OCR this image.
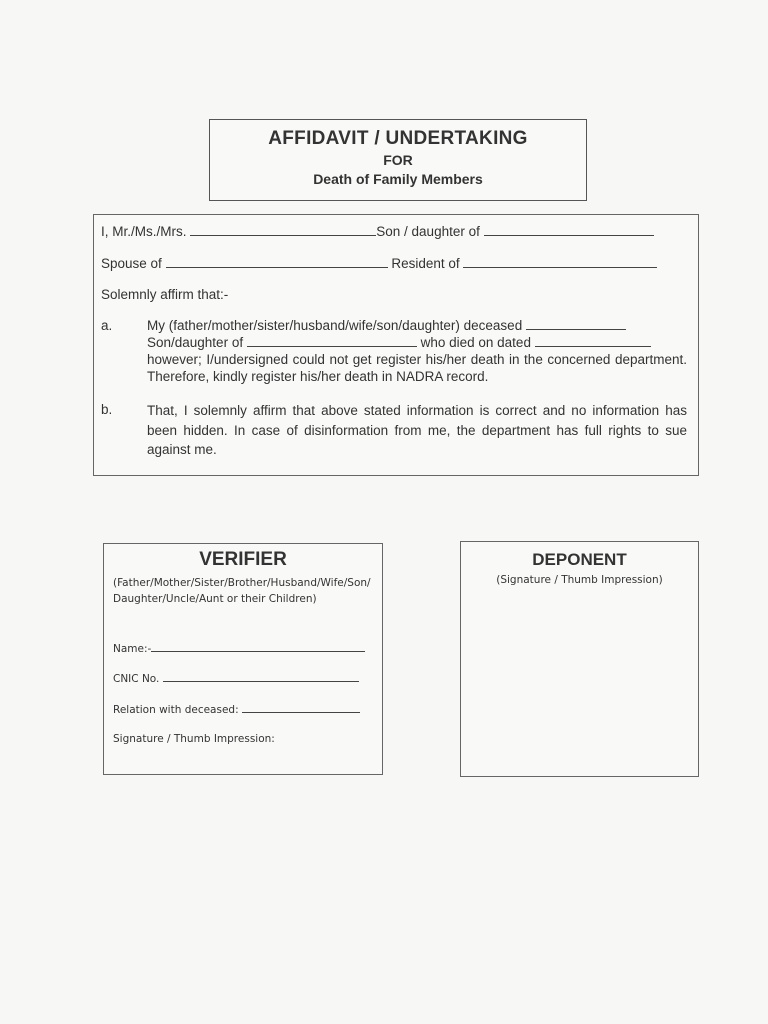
AFFIDAVIT / UNDERTAKING
FOR
Death of Family Members
I, Mr./Ms./Mrs.	Son / daughter of
Spouse of	Resident of
Solemnly affirm that:-
a.	My (father/mother/sister/husband/wife/son/daughter) deceased
Son/daughter of	who died on dated
however; I/undersigned could not get register his/her death in the concerned department. Therefore, kindly register his/her death in NADRA record.
b.	That, I solemnly affirm that above stated information is correct and no information has been hidden. In case of disinformation from me, the department has full rights to sue against me.
VERIFIER
(Father/Mother/Sister/Brother/Husband/Wife/Son/Daughter/Uncle/Aunt or their Children)
Name:-
CNIC No.
Relation with deceased:
Signature / Thumb Impression:
DEPONENT
(Signature / Thumb Impression)
